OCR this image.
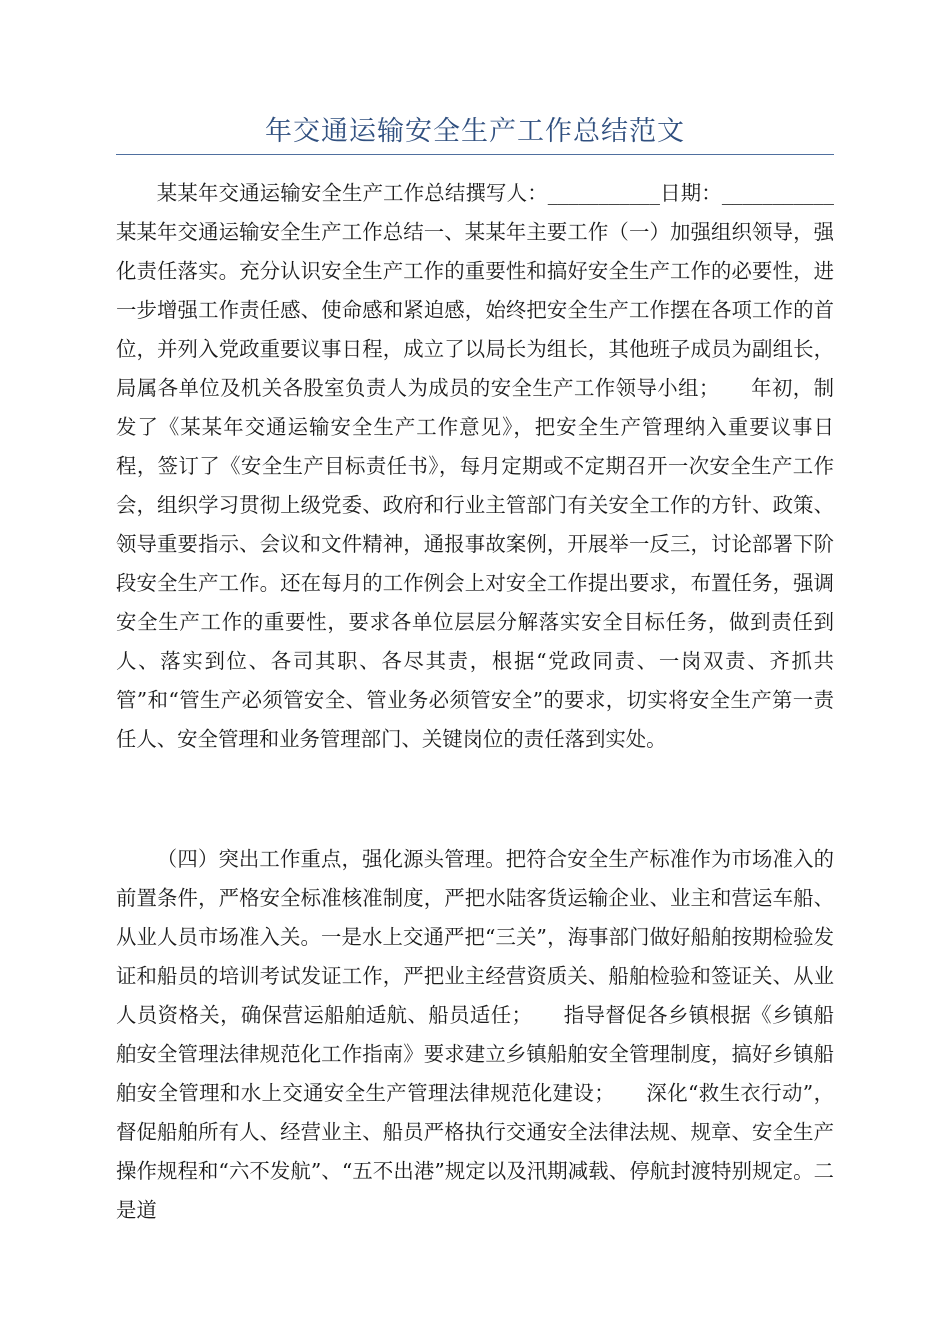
年交通运输安全生产工作总结范文

某某年交通运输安全生产工作总结撰写人：___________日期：___________某某年交通运输安全生产工作总结一、某某年主要工作（一）加强组织领导，强化责任落实。充分认识安全生产工作的重要性和搞好安全生产工作的必要性，进一步增强工作责任感、使命感和紧迫感，始终把安全生产工作摆在各项工作的首位，并列入党政重要议事日程，成立了以局长为组长，其他班子成员为副组长，局属各单位及机关各股室负责人为成员的安全生产工作领导小组；　　年初，制发了《某某年交通运输安全生产工作意见》，把安全生产管理纳入重要议事日程，签订了《安全生产目标责任书》，每月定期或不定期召开一次安全生产工作会，组织学习贯彻上级党委、政府和行业主管部门有关安全工作的方针、政策、领导重要指示、会议和文件精神，通报事故案例，开展举一反三，讨论部署下阶段安全生产工作。还在每月的工作例会上对安全工作提出要求，布置任务，强调安全生产工作的重要性，要求各单位层层分解落实安全目标任务，做到责任到人、落实到位、各司其职、各尽其责，根据“党政同责、一岗双责、齐抓共管”和“管生产必须管安全、管业务必须管安全”的要求，切实将安全生产第一责任人、安全管理和业务管理部门、关键岗位的责任落到实处。

（四）突出工作重点，强化源头管理。把符合安全生产标准作为市场准入的前置条件，严格安全标准核准制度，严把水陆客货运输企业、业主和营运车船、从业人员市场准入关。一是水上交通严把“三关”，海事部门做好船舶按期检验发证和船员的培训考试发证工作，严把业主经营资质关、船舶检验和签证关、从业人员资格关，确保营运船舶适航、船员适任；　　指导督促各乡镇根据《乡镇船舶安全管理法律规范化工作指南》要求建立乡镇船舶安全管理制度，搞好乡镇船舶安全管理和水上交通安全生产管理法律规范化建设；　　深化“救生衣行动”，督促船舶所有人、经营业主、船员严格执行交通安全法律法规、规章、安全生产操作规程和“六不发航”、“五不出港”规定以及汛期减载、停航封渡特别规定。二是道
